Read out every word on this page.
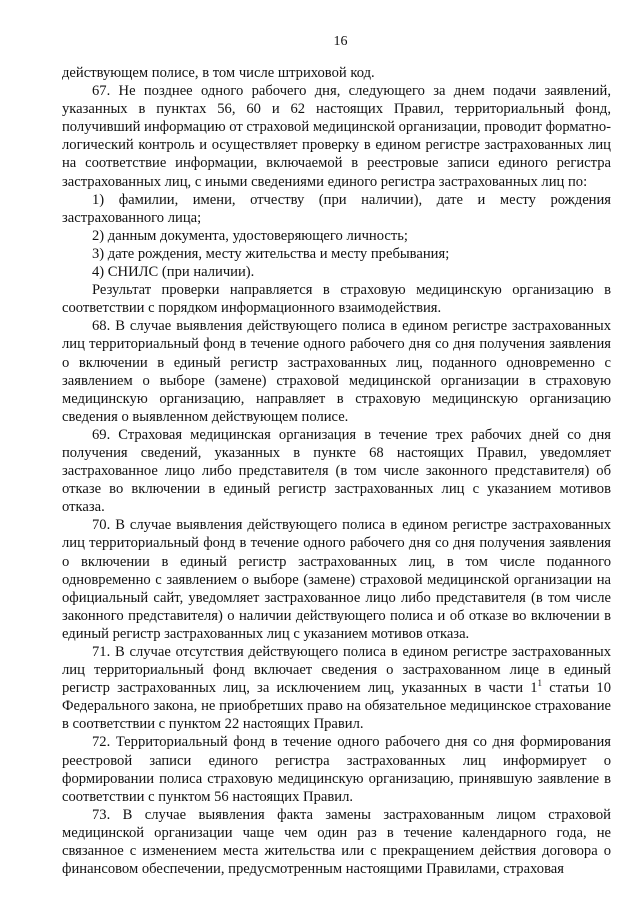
16

действующем полисе, в том числе штриховой код.

67. Не позднее одного рабочего дня, следующего за днем подачи заявлений, указанных в пунктах 56, 60 и 62 настоящих Правил, территориальный фонд, получивший информацию от страховой медицинской организации, проводит форматно-логический контроль и осуществляет проверку в едином регистре застрахованных лиц на соответствие информации, включаемой в реестровые записи единого регистра застрахованных лиц, с иными сведениями единого регистра застрахованных лиц по:

1) фамилии, имени, отчеству (при наличии), дате и месту рождения застрахованного лица;

2) данным документа, удостоверяющего личность;

3) дате рождения, месту жительства и месту пребывания;

4) СНИЛС (при наличии).

Результат проверки направляется в страховую медицинскую организацию в соответствии с порядком информационного взаимодействия.

68. В случае выявления действующего полиса в едином регистре застрахованных лиц территориальный фонд в течение одного рабочего дня со дня получения заявления о включении в единый регистр застрахованных лиц, поданного одновременно с заявлением о выборе (замене) страховой медицинской организации в страховую медицинскую организацию, направляет в страховую медицинскую организацию сведения о выявленном действующем полисе.

69. Страховая медицинская организация в течение трех рабочих дней со дня получения сведений, указанных в пункте 68 настоящих Правил, уведомляет застрахованное лицо либо представителя (в том числе законного представителя) об отказе во включении в единый регистр застрахованных лиц с указанием мотивов отказа.

70. В случае выявления действующего полиса в едином регистре застрахованных лиц территориальный фонд в течение одного рабочего дня со дня получения заявления о включении в единый регистр застрахованных лиц, в том числе поданного одновременно с заявлением о выборе (замене) страховой медицинской организации на официальный сайт, уведомляет застрахованное лицо либо представителя (в том числе законного представителя) о наличии действующего полиса и об отказе во включении в единый регистр застрахованных лиц с указанием мотивов отказа.

71. В случае отсутствия действующего полиса в едином регистре застрахованных лиц территориальный фонд включает сведения о застрахованном лице в единый регистр застрахованных лиц, за исключением лиц, указанных в части $1^1$ статьи 10 Федерального закона, не приобретших право на обязательное медицинское страхование в соответствии с пунктом 22 настоящих Правил.

72. Территориальный фонд в течение одного рабочего дня со дня формирования реестровой записи единого регистра застрахованных лиц информирует о формировании полиса страховую медицинскую организацию, принявшую заявление в соответствии с пунктом 56 настоящих Правил.

73. В случае выявления факта замены застрахованным лицом страховой медицинской организации чаще чем один раз в течение календарного года, не связанное с изменением места жительства или с прекращением действия договора о финансовом обеспечении, предусмотренным настоящими Правилами, страховая
